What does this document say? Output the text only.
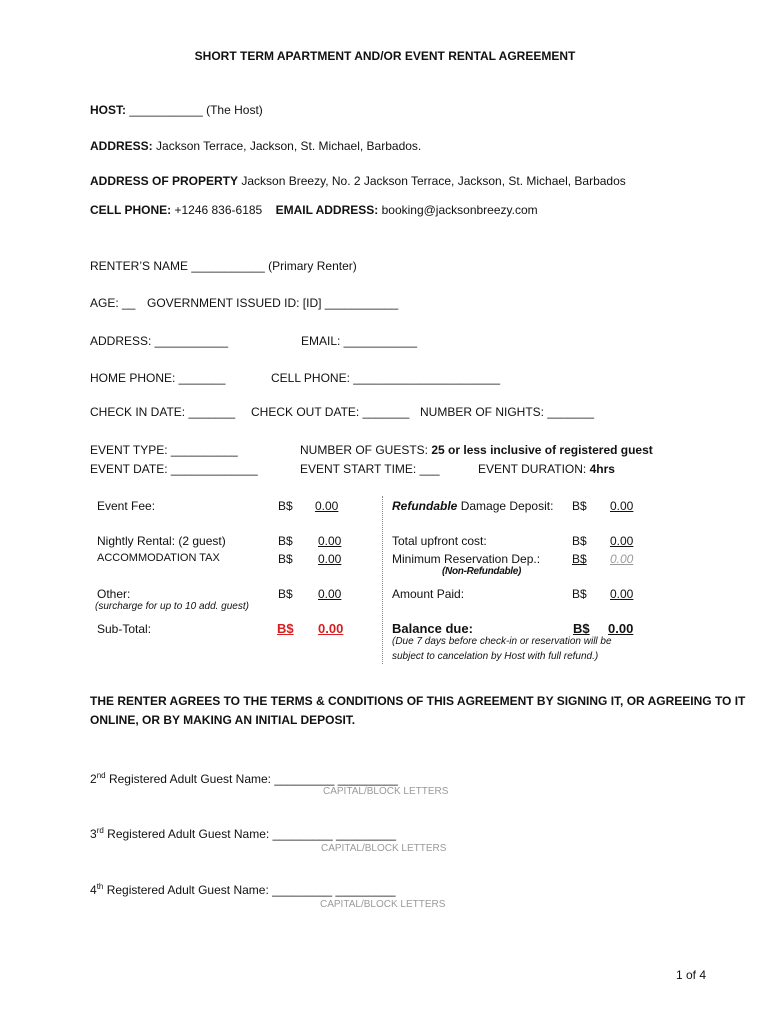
SHORT TERM APARTMENT AND/OR EVENT RENTAL AGREEMENT
HOST: ___________ (The Host)
ADDRESS: Jackson Terrace, Jackson, St. Michael, Barbados.
ADDRESS OF PROPERTY Jackson Breezy, No. 2 Jackson Terrace, Jackson, St. Michael, Barbados
CELL PHONE: +1246 836-6185 EMAIL ADDRESS: booking@jacksonbreezy.com
RENTER’S NAME ___________ (Primary Renter)
AGE: __ GOVERNMENT ISSUED ID: [ID] ___________
ADDRESS: ___________	EMAIL: ___________
HOME PHONE: _______	CELL PHONE: ______________________
CHECK IN DATE: _______ CHECK OUT DATE: _______ NUMBER OF NIGHTS: _______
EVENT TYPE: __________	NUMBER OF GUESTS: 25 or less inclusive of registered guest
EVENT DATE: _____________	EVENT START TIME: ___	EVENT DURATION: 4hrs
Event Fee:	B$ 0.00
Nightly Rental: (2 guest)	B$ 0.00
ACCOMMODATION TAX	B$ 0.00
Other:	B$ 0.00
(surcharge for up to 10 add. guest)
Sub-Total:	B$ 0.00
Refundable Damage Deposit: B$ 0.00
Total upfront cost:	B$ 0.00
Minimum Reservation Dep.:	B$ 0.00
(Non-Refundable)
Amount Paid:	B$ 0.00
Balance due:	B$ 0.00
(Due 7 days before check-in or reservation will be
subject to cancelation by Host with full refund.)
THE RENTER AGREES TO THE TERMS & CONDITIONS OF THIS AGREEMENT BY SIGNING IT, OR AGREEING TO IT
ONLINE, OR BY MAKING AN INITIAL DEPOSIT.
2nd Registered Adult Guest Name: _________ _________
CAPITAL/BLOCK LETTERS
3rd Registered Adult Guest Name: _________ _________
CAPITAL/BLOCK LETTERS
4th Registered Adult Guest Name: _________ _________
CAPITAL/BLOCK LETTERS
1 of 4
